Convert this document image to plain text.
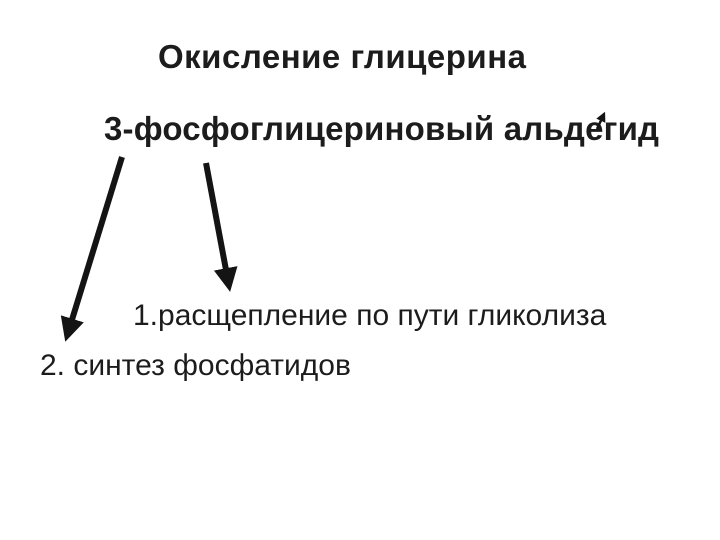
Окисление глицерина
3-фосфоглицериновый альдегид
1.расщепление по пути гликолиза
2. синтез фосфатидов
